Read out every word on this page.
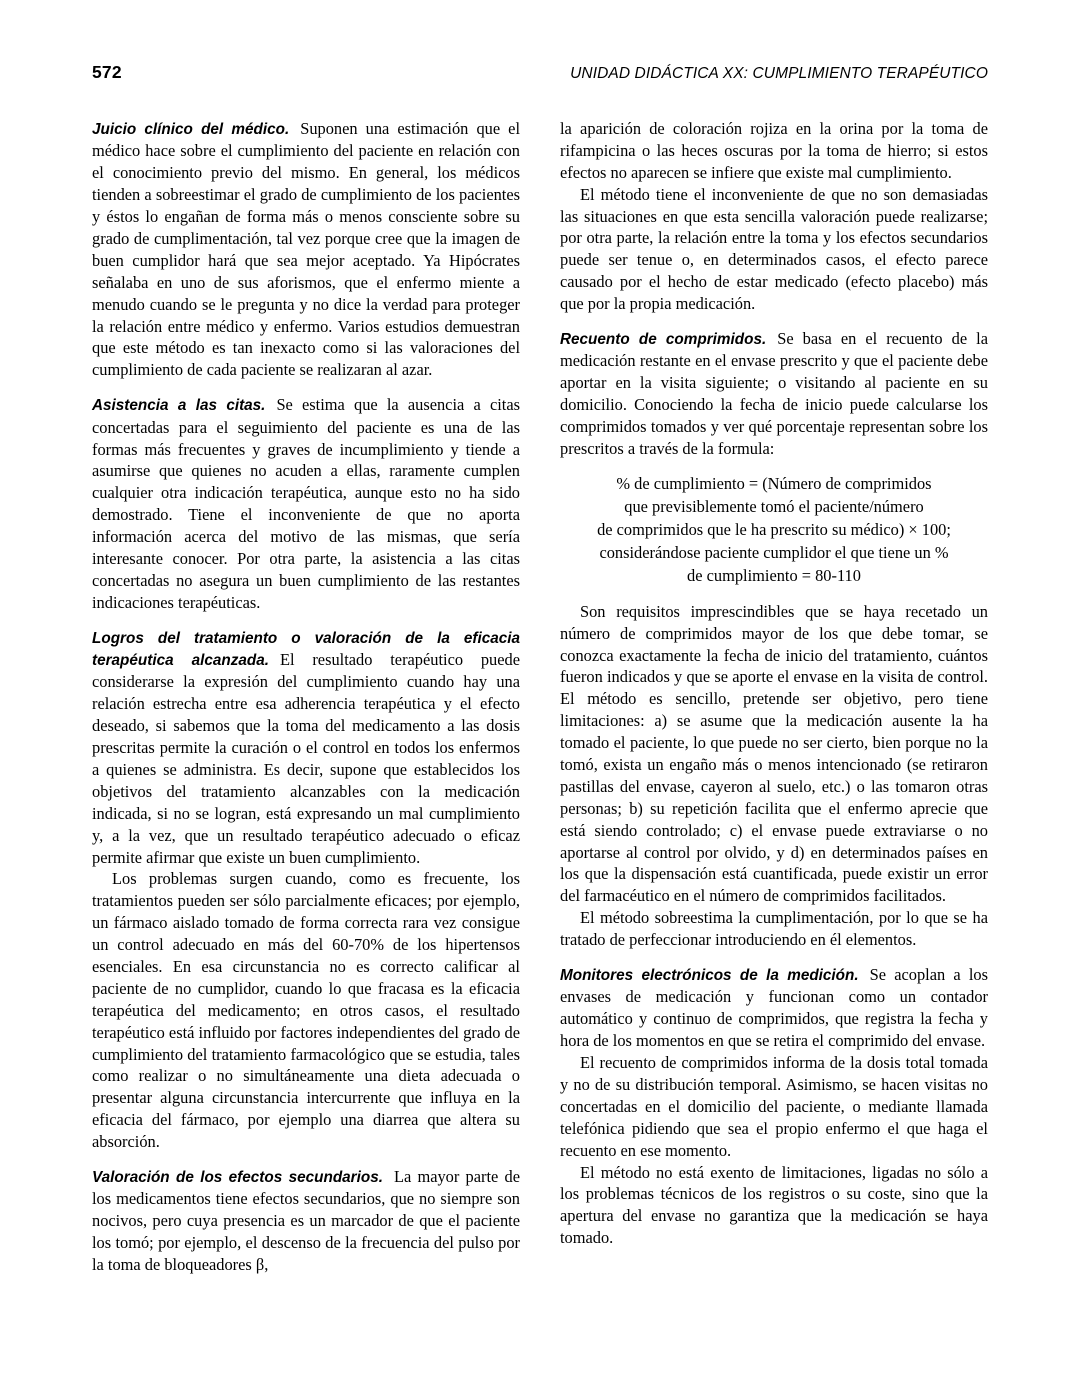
572	UNIDAD DIDÁCTICA XX: CUMPLIMIENTO TERAPÉUTICO

Juicio clínico del médico. Suponen una estimación que el médico hace sobre el cumplimiento del paciente en relación con el conocimiento previo del mismo. En general, los médicos tienden a sobreestimar el grado de cumplimiento de los pacientes y éstos lo engañan de forma más o menos consciente sobre su grado de cumplimentación, tal vez porque cree que la imagen de buen cumplidor hará que sea mejor aceptado. Ya Hipócrates señalaba en uno de sus aforismos, que el enfermo miente a menudo cuando se le pregunta y no dice la verdad para proteger la relación entre médico y enfermo. Varios estudios demuestran que este método es tan inexacto como si las valoraciones del cumplimiento de cada paciente se realizaran al azar.

Asistencia a las citas. Se estima que la ausencia a citas concertadas para el seguimiento del paciente es una de las formas más frecuentes y graves de incumplimiento y tiende a asumirse que quienes no acuden a ellas, raramente cumplen cualquier otra indicación terapéutica, aunque esto no ha sido demostrado. Tiene el inconveniente de que no aporta información acerca del motivo de las mismas, que sería interesante conocer. Por otra parte, la asistencia a las citas concertadas no asegura un buen cumplimiento de las restantes indicaciones terapéuticas.

Logros del tratamiento o valoración de la eficacia terapéutica alcanzada. El resultado terapéutico puede considerarse la expresión del cumplimiento cuando hay una relación estrecha entre esa adherencia terapéutica y el efecto deseado, si sabemos que la toma del medicamento a las dosis prescritas permite la curación o el control en todos los enfermos a quienes se administra. Es decir, supone que establecidos los objetivos del tratamiento alcanzables con la medicación indicada, si no se logran, está expresando un mal cumplimiento y, a la vez, que un resultado terapéutico adecuado o eficaz permite afirmar que existe un buen cumplimiento.

Los problemas surgen cuando, como es frecuente, los tratamientos pueden ser sólo parcialmente eficaces; por ejemplo, un fármaco aislado tomado de forma correcta rara vez consigue un control adecuado en más del 60-70% de los hipertensos esenciales. En esa circunstancia no es correcto calificar al paciente de no cumplidor, cuando lo que fracasa es la eficacia terapéutica del medicamento; en otros casos, el resultado terapéutico está influido por factores independientes del grado de cumplimiento del tratamiento farmacológico que se estudia, tales como realizar o no simultáneamente una dieta adecuada o presentar alguna circunstancia intercurrente que influya en la eficacia del fármaco, por ejemplo una diarrea que altera su absorción.

Valoración de los efectos secundarios. La mayor parte de los medicamentos tiene efectos secundarios, que no siempre son nocivos, pero cuya presencia es un marcador de que el paciente los tomó; por ejemplo, el descenso de la frecuencia del pulso por la toma de bloqueadores β,

la aparición de coloración rojiza en la orina por la toma de rifampicina o las heces oscuras por la toma de hierro; si estos efectos no aparecen se infiere que existe mal cumplimiento.

El método tiene el inconveniente de que no son demasiadas las situaciones en que esta sencilla valoración puede realizarse; por otra parte, la relación entre la toma y los efectos secundarios puede ser tenue o, en determinados casos, el efecto parece causado por el hecho de estar medicado (efecto placebo) más que por la propia medicación.

Recuento de comprimidos. Se basa en el recuento de la medicación restante en el envase prescrito y que el paciente debe aportar en la visita siguiente; o visitando al paciente en su domicilio. Conociendo la fecha de inicio puede calcularse los comprimidos tomados y ver qué porcentaje representan sobre los prescritos a través de la formula:

% de cumplimiento = (Número de comprimidos
que previsiblemente tomó el paciente/número
de comprimidos que le ha prescrito su médico) × 100;
considerándose paciente cumplidor el que tiene un %
de cumplimiento = 80-110

Son requisitos imprescindibles que se haya recetado un número de comprimidos mayor de los que debe tomar, se conozca exactamente la fecha de inicio del tratamiento, cuántos fueron indicados y que se aporte el envase en la visita de control. El método es sencillo, pretende ser objetivo, pero tiene limitaciones: a) se asume que la medicación ausente la ha tomado el paciente, lo que puede no ser cierto, bien porque no la tomó, exista un engaño más o menos intencionado (se retiraron pastillas del envase, cayeron al suelo, etc.) o las tomaron otras personas; b) su repetición facilita que el enfermo aprecie que está siendo controlado; c) el envase puede extraviarse o no aportarse al control por olvido, y d) en determinados países en los que la dispensación está cuantificada, puede existir un error del farmacéutico en el número de comprimidos facilitados.

El método sobreestima la cumplimentación, por lo que se ha tratado de perfeccionar introduciendo en él elementos.

Monitores electrónicos de la medición. Se acoplan a los envases de medicación y funcionan como un contador automático y continuo de comprimidos, que registra la fecha y hora de los momentos en que se retira el comprimido del envase.

El recuento de comprimidos informa de la dosis total tomada y no de su distribución temporal. Asimismo, se hacen visitas no concertadas en el domicilio del paciente, o mediante llamada telefónica pidiendo que sea el propio enfermo el que haga el recuento en ese momento.

El método no está exento de limitaciones, ligadas no sólo a los problemas técnicos de los registros o su coste, sino que la apertura del envase no garantiza que la medicación se haya tomado.
